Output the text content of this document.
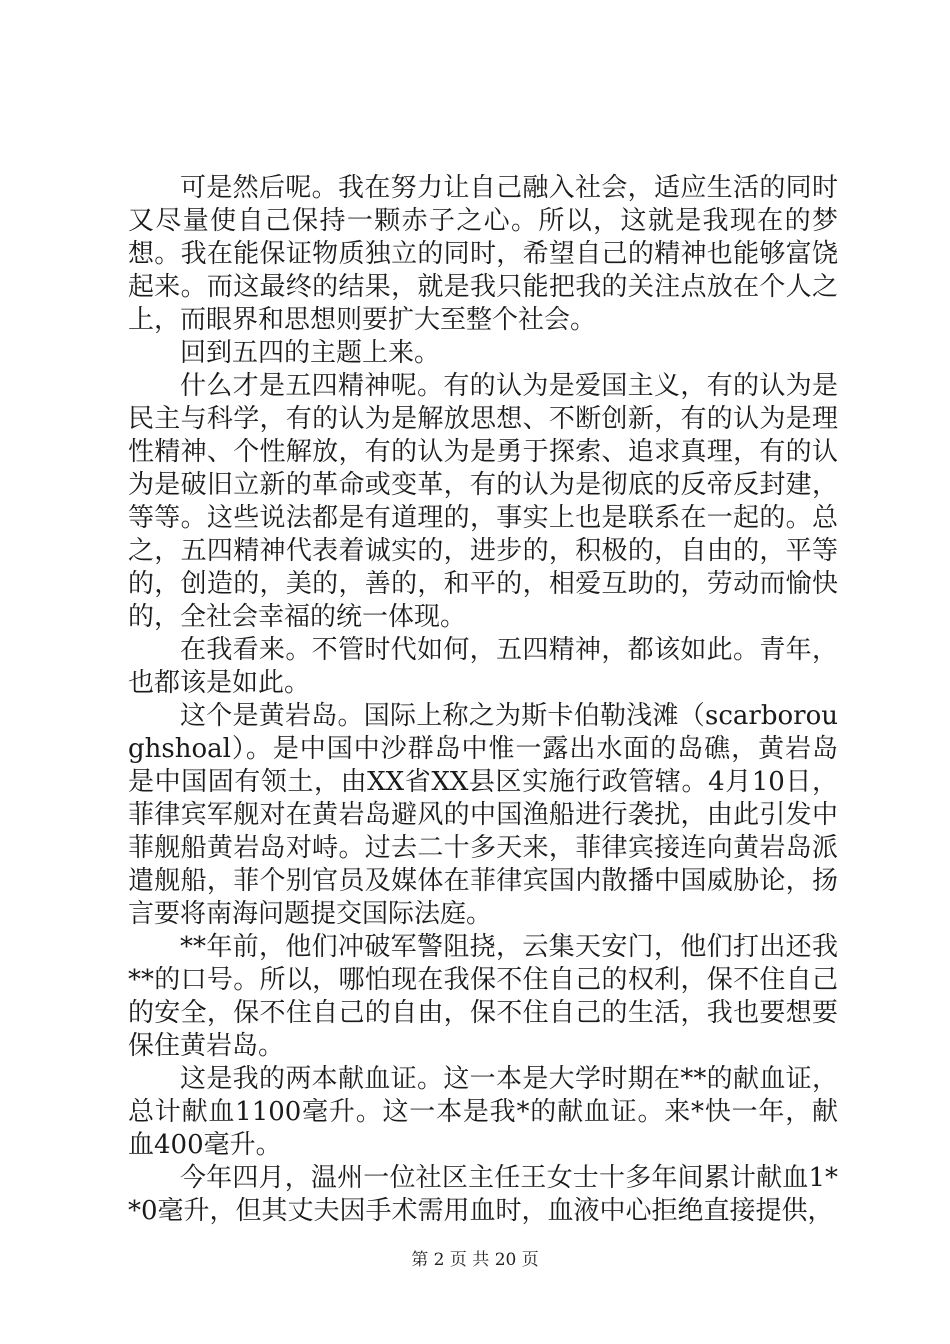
可是然后呢。我在努力让自己融入社会，适应生活的同时又尽量使自己保持一颗赤子之心。所以，这就是我现在的梦想。我在能保证物质独立的同时，希望自己的精神也能够富饶起来。而这最终的结果，就是我只能把我的关注点放在个人之上，而眼界和思想则要扩大至整个社会。

回到五四的主题上来。

什么才是五四精神呢。有的认为是爱国主义，有的认为是民主与科学，有的认为是解放思想、不断创新，有的认为是理性精神、个性解放，有的认为是勇于探索、追求真理，有的认为是破旧立新的革命或变革，有的认为是彻底的反帝反封建，等等。这些说法都是有道理的，事实上也是联系在一起的。总之，五四精神代表着诚实的，进步的，积极的，自由的，平等的，创造的，美的，善的，和平的，相爱互助的，劳动而愉快的，全社会幸福的统一体现。

在我看来。不管时代如何，五四精神，都该如此。青年，也都该是如此。

这个是黄岩岛。国际上称之为斯卡伯勒浅滩（scarboroughshoal）。是中国中沙群岛中惟一露出水面的岛礁，黄岩岛是中国固有领土，由XX省XX县区实施行政管辖。4月10日，菲律宾军舰对在黄岩岛避风的中国渔船进行袭扰，由此引发中菲舰船黄岩岛对峙。过去二十多天来，菲律宾接连向黄岩岛派遣舰船，菲个别官员及媒体在菲律宾国内散播中国威胁论，扬言要将南海问题提交国际法庭。

**年前，他们冲破军警阻挠，云集天安门，他们打出还我**的口号。所以，哪怕现在我保不住自己的权利，保不住自己的安全，保不住自己的自由，保不住自己的生活，我也要想要保住黄岩岛。

这是我的两本献血证。这一本是大学时期在**的献血证，总计献血1100毫升。这一本是我*的献血证。来*快一年，献血400毫升。

今年四月，温州一位社区主任王女士十多年间累计献血1**0毫升，但其丈夫因手术需用血时，血液中心拒绝直接提供，

第 2 页 共 20 页
